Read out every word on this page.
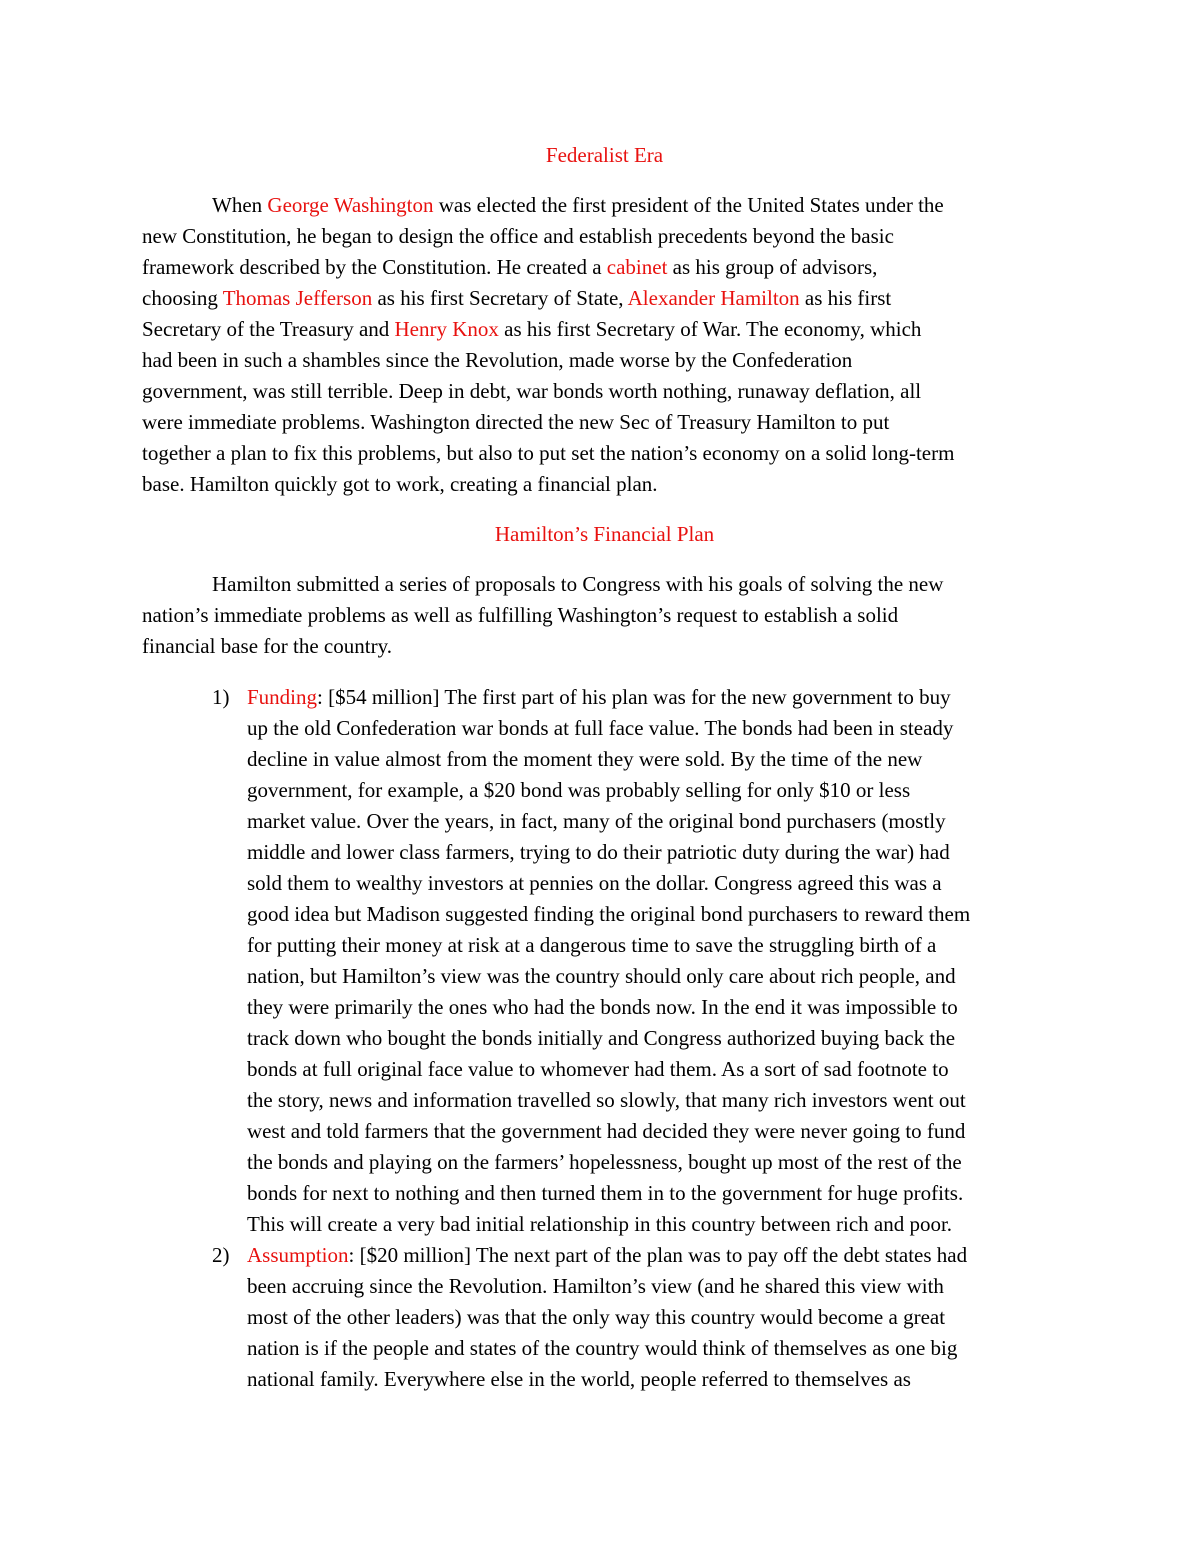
Federalist Era
When George Washington was elected the first president of the United States under the
new Constitution, he began to design the office and establish precedents beyond the basic
framework described by the Constitution. He created a cabinet as his group of advisors,
choosing Thomas Jefferson as his first Secretary of State, Alexander Hamilton as his first
Secretary of the Treasury and Henry Knox as his first Secretary of War. The economy, which
had been in such a shambles since the Revolution, made worse by the Confederation
government, was still terrible. Deep in debt, war bonds worth nothing, runaway deflation, all
were immediate problems. Washington directed the new Sec of Treasury Hamilton to put
together a plan to fix this problems, but also to put set the nation’s economy on a solid long-term
base. Hamilton quickly got to work, creating a financial plan.
Hamilton’s Financial Plan
Hamilton submitted a series of proposals to Congress with his goals of solving the new
nation’s immediate problems as well as fulfilling Washington’s request to establish a solid
financial base for the country.
1) Funding: [$54 million] The first part of his plan was for the new government to buy
up the old Confederation war bonds at full face value. The bonds had been in steady
decline in value almost from the moment they were sold. By the time of the new
government, for example, a $20 bond was probably selling for only $10 or less
market value. Over the years, in fact, many of the original bond purchasers (mostly
middle and lower class farmers, trying to do their patriotic duty during the war) had
sold them to wealthy investors at pennies on the dollar. Congress agreed this was a
good idea but Madison suggested finding the original bond purchasers to reward them
for putting their money at risk at a dangerous time to save the struggling birth of a
nation, but Hamilton’s view was the country should only care about rich people, and
they were primarily the ones who had the bonds now. In the end it was impossible to
track down who bought the bonds initially and Congress authorized buying back the
bonds at full original face value to whomever had them. As a sort of sad footnote to
the story, news and information travelled so slowly, that many rich investors went out
west and told farmers that the government had decided they were never going to fund
the bonds and playing on the farmers’ hopelessness, bought up most of the rest of the
bonds for next to nothing and then turned them in to the government for huge profits.
This will create a very bad initial relationship in this country between rich and poor.
2) Assumption: [$20 million] The next part of the plan was to pay off the debt states had
been accruing since the Revolution. Hamilton’s view (and he shared this view with
most of the other leaders) was that the only way this country would become a great
nation is if the people and states of the country would think of themselves as one big
national family. Everywhere else in the world, people referred to themselves as
